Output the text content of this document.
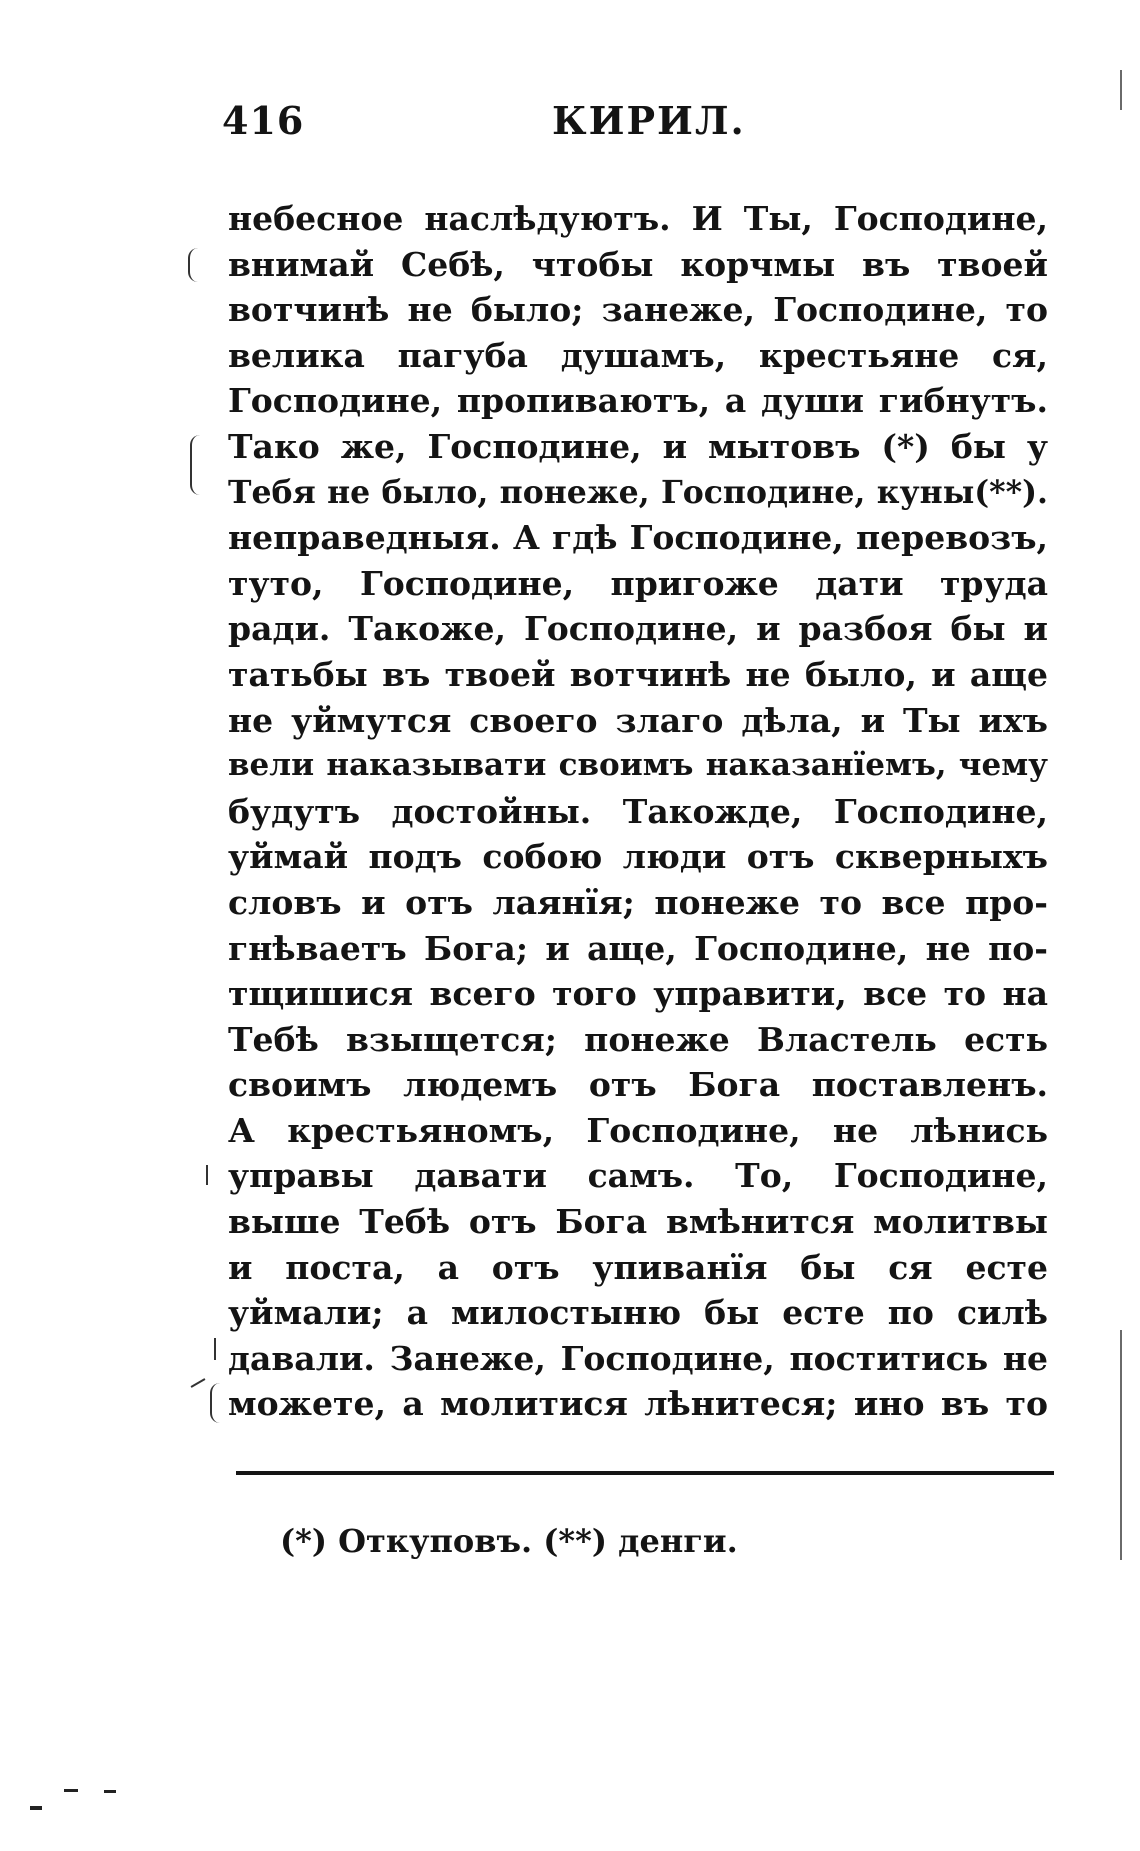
416	КИРИЛ.
небесное наслѣдуютъ. И Ты, Господине,
внимай Себѣ, чтобы корчмы въ твоей
вотчинѣ не было; занеже, Господине, то
велика пагуба душамъ, крестьяне ся,
Господине, пропиваютъ, а души гибнутъ.
Тако же, Господине, и мытовъ (*) бы у
Тебя не было, понеже, Господине, куны(**).
неправедныя. А гдѣ Господине, перевозъ,
туто, Господине, пригоже дати труда
ради. Такоже, Господине, и разбоя бы и
татьбы въ твоей вотчинѣ не было, и аще
не уймутся своего злаго дѣла, и Ты ихъ
вели наказывати своимъ наказанїемъ, чему
будутъ достойны. Такожде, Господине,
уймай подъ собою люди отъ скверныхъ
словъ и отъ лаянїя; понеже то все про-
гнѣваетъ Бога; и аще, Господине, не по-
тщишися всего того управити, все то на
Тебѣ взыщется; понеже Властель есть
своимъ людемъ отъ Бога поставленъ.
А крестьяномъ, Господине, не лѣнись
управы давати самъ. То, Господине,
выше Тебѣ отъ Бога вмѣнится молитвы
и поста, а отъ упиванїя бы ся есте
уймали; а милостыню бы есте по силѣ
давали. Занеже, Господине, поститись не
можете, а молитися лѣнитеся; ино въ то
(*) Откуповъ. (**) денги.
